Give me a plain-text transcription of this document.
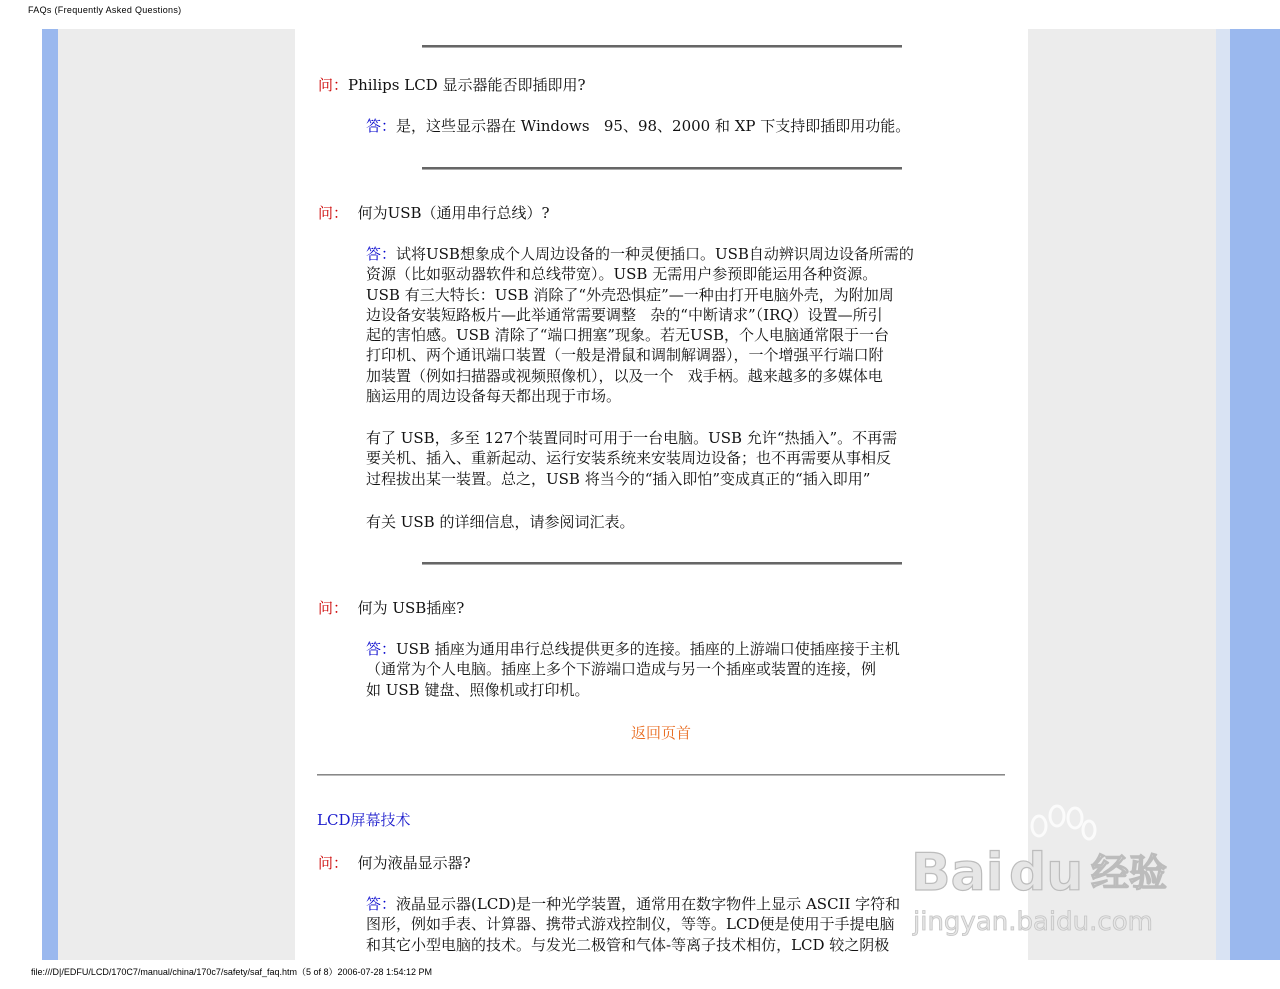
FAQs (Frequently Asked Questions)
问：Philips LCD 显示器能否即插即用?
答：是，这些显示器在 Windows   95、98、2000 和 XP 下支持即插即用功能。
问： 何为USB（通用串行总线）?
答：试将USB想象成个人周边设备的一种灵便插口。USB自动辨识周边设备所需的
资源（比如驱动器软件和总线带宽）。USB 无需用户参预即能运用各种资源。
USB 有三大特长：USB 消除了“外壳恐惧症”—一种由打开电脑外壳，为附加周
边设备安装短路板片—此举通常需要调整   杂的“中断请求”（IRQ）设置—所引
起的害怕感。USB 清除了“端口拥塞”现象。若无USB，个人电脑通常限于一台
打印机、两个通讯端口装置（一般是滑鼠和调制解调器），一个增强平行端口附
加装置（例如扫描器或视频照像机），以及一个   戏手柄。越来越多的多媒体电
脑运用的周边设备每天都出现于市场。
有了 USB，多至 127个装置同时可用于一台电脑。USB 允许“热插入”。不再需
要关机、插入、重新起动、运行安装系统来安装周边设备；也不再需要从事相反
过程拔出某一装置。总之，USB 将当今的“插入即怕”变成真正的“插入即用”
有关 USB 的详细信息，请参阅词汇表。
问： 何为 USB插座?
答：USB 插座为通用串行总线提供更多的连接。插座的上游端口使插座接于主机
（通常为个人电脑。插座上多个下游端口造成与另一个插座或装置的连接，例
如 USB 键盘、照像机或打印机。
返回页首
LCD屏幕技术
问： 何为液晶显示器?
答：液晶显示器(LCD)是一种光学装置，通常用在数字物件上显示 ASCII 字符和
图形，例如手表、计算器、携带式游戏控制仪，等等。LCD便是使用于手提电脑
和其它小型电脑的技术。与发光二极管和气体-等离子技术相仿，LCD 较之阴极
Bai du 经验
jingyan.baidu.com
file:///D|/EDFU/LCD/170C7/manual/china/170c7/safety/saf_faq.htm（5 of 8）2006-07-28 1:54:12 PM
